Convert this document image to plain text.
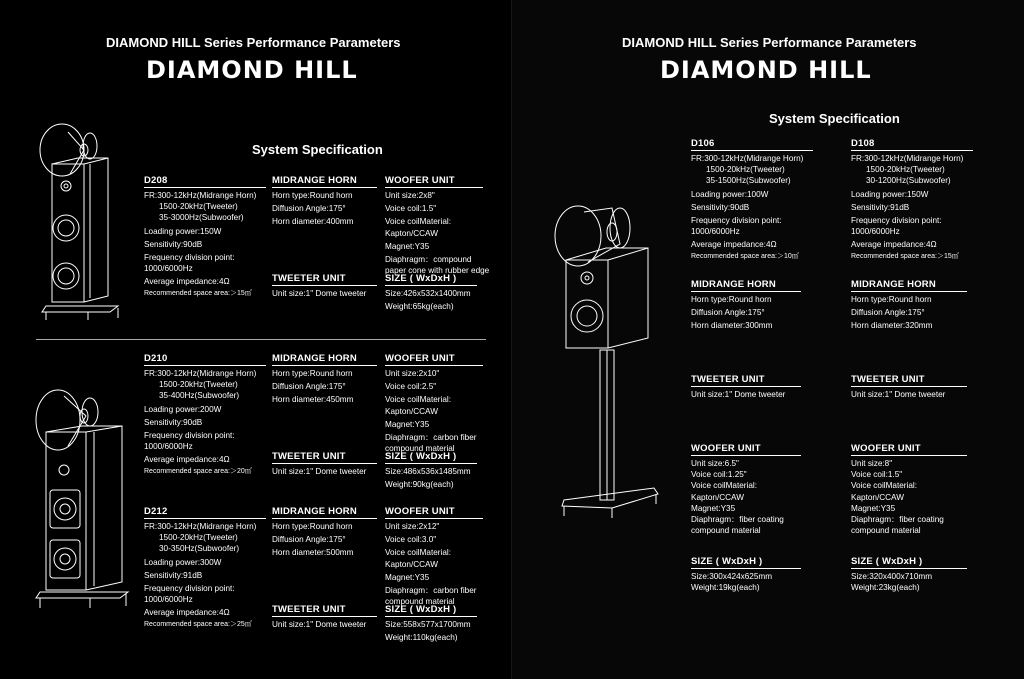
DIAMOND HILL Series Performance Parameters
DIAMOND HILL
System Specification
D208
FR:300-12kHz(Midrange Horn)
1500-20kHz(Tweeter)
35-3000Hz(Subwoofer)
Loading power:150W
Sensitivity:90dB
Frequency division point:
1000/6000Hz
Average impedance:4Ω
Recommended space area:＞15㎡
MIDRANGE HORN
Horn type:Round horn
Diffusion Angle:175°
Horn diameter:400mm
TWEETER UNIT
Unit size:1" Dome tweeter
WOOFER UNIT
Unit size:2x8"
Voice coil:1.5"
Voice coilMaterial:
Kapton/CCAW
Magnet:Y35
Diaphragm：compound
paper cone with rubber edge
SIZE ( WxDxH )
Size:426x532x1400mm
Weight:65kg(each)
D210
FR:300-12kHz(Midrange Horn)
1500-20kHz(Tweeter)
35-400Hz(Subwoofer)
Loading power:200W
Sensitivity:90dB
Frequency division point:
1000/6000Hz
Average impedance:4Ω
Recommended space area:＞20㎡
MIDRANGE HORN
Horn type:Round horn
Diffusion Angle:175°
Horn diameter:450mm
TWEETER UNIT
Unit size:1" Dome tweeter
WOOFER UNIT
Unit size:2x10"
Voice coil:2.5"
Voice coilMaterial:
Kapton/CCAW
Magnet:Y35
Diaphragm：carbon fiber
compound material
SIZE ( WxDxH )
Size:486x536x1485mm
Weight:90kg(each)
D212
FR:300-12kHz(Midrange Horn)
1500-20kHz(Tweeter)
30-350Hz(Subwoofer)
Loading power:300W
Sensitivity:91dB
Frequency division point:
1000/6000Hz
Average impedance:4Ω
Recommended space area:＞25㎡
MIDRANGE HORN
Horn type:Round horn
Diffusion Angle:175°
Horn diameter:500mm
TWEETER UNIT
Unit size:1" Dome tweeter
WOOFER UNIT
Unit size:2x12"
Voice coil:3.0"
Voice coilMaterial:
Kapton/CCAW
Magnet:Y35
Diaphragm：carbon fiber
compound material
SIZE ( WxDxH )
Size:558x577x1700mm
Weight:110kg(each)
DIAMOND HILL Series Performance Parameters
DIAMOND HILL
System Specification
D106
FR:300-12kHz(Midrange Horn)
1500-20kHz(Tweeter)
35-1500Hz(Subwoofer)
Loading power:100W
Sensitivity:90dB
Frequency division point:
1000/6000Hz
Average impedance:4Ω
Recommended space area:＞10㎡
MIDRANGE HORN
Horn type:Round horn
Diffusion Angle:175°
Horn diameter:300mm
TWEETER UNIT
Unit size:1" Dome tweeter
WOOFER UNIT
Unit size:6.5"
Voice coil:1.25"
Voice coilMaterial:
Kapton/CCAW
Magnet:Y35
Diaphragm：fiber coating
compound material
SIZE ( WxDxH )
Size:300x424x625mm
Weight:19kg(each)
D108
FR:300-12kHz(Midrange Horn)
1500-20kHz(Tweeter)
30-1200Hz(Subwoofer)
Loading power:150W
Sensitivity:91dB
Frequency division point:
1000/6000Hz
Average impedance:4Ω
Recommended space area:＞15㎡
MIDRANGE HORN
Horn type:Round horn
Diffusion Angle:175°
Horn diameter:320mm
TWEETER UNIT
Unit size:1" Dome tweeter
WOOFER UNIT
Unit size:8"
Voice coil:1.5"
Voice coilMaterial:
Kapton/CCAW
Magnet:Y35
Diaphragm：fiber coating
compound material
SIZE ( WxDxH )
Size:320x400x710mm
Weight:23kg(each)
